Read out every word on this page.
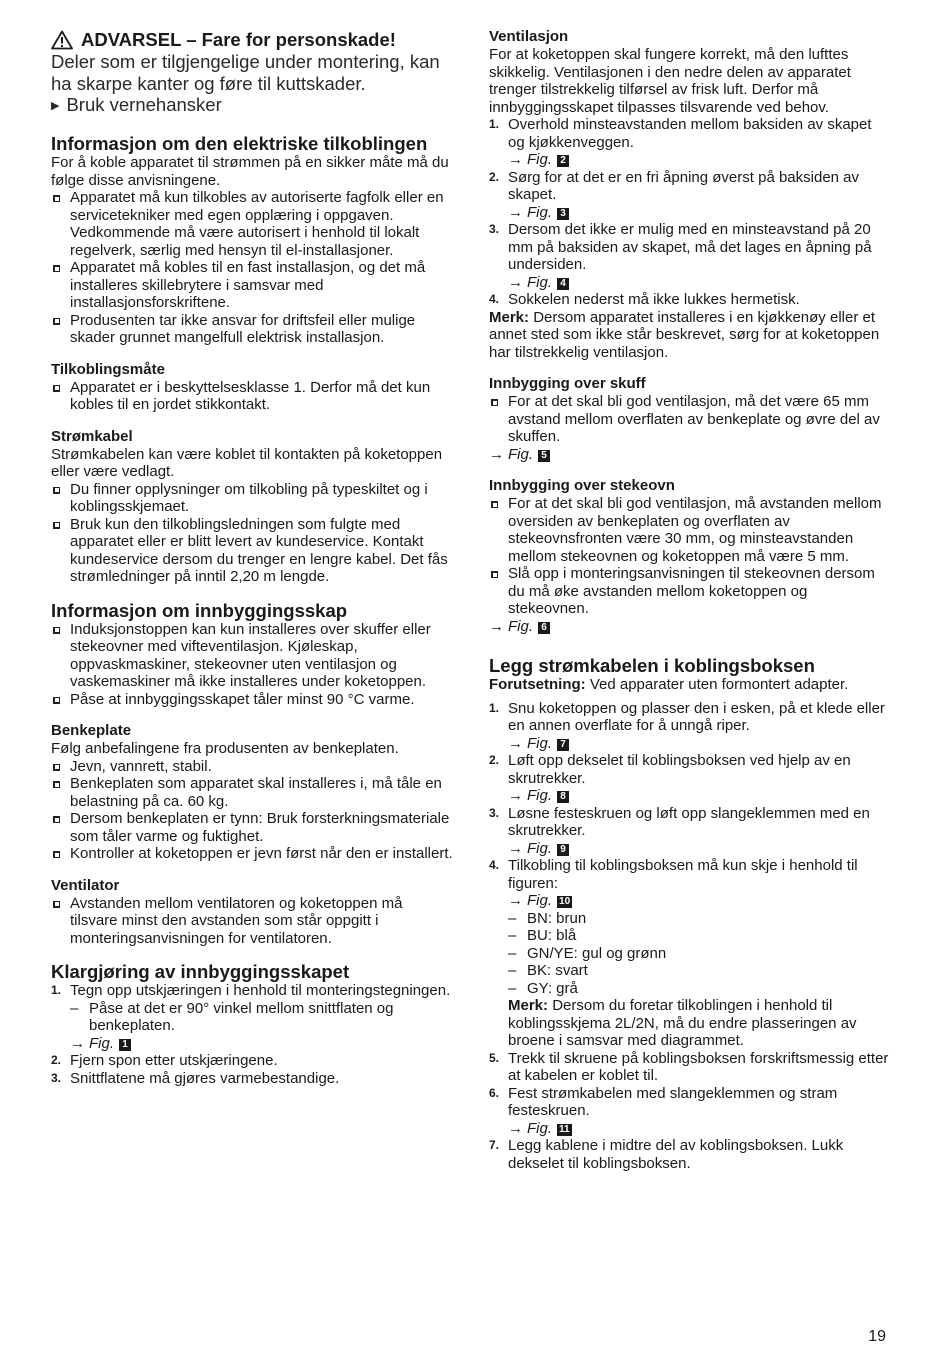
ADVARSEL – Fare for personskade!

Deler som er tilgjengelige under montering, kan ha skarpe kanter og føre til kuttskader.

▶ Bruk vernehansker

Informasjon om den elektriske tilkoblingen

For å koble apparatet til strømmen på en sikker måte må du følge disse anvisningene.

Apparatet må kun tilkobles av autoriserte fagfolk eller en servicetekniker med egen opplæring i oppgaven. Vedkommende må være autorisert i henhold til lokalt regelverk, særlig med hensyn til el-installasjoner.
Apparatet må kobles til en fast installasjon, og det må installeres skillebrytere i samsvar med installasjonsforskriftene.
Produsenten tar ikke ansvar for driftsfeil eller mulige skader grunnet mangelfull elektrisk installasjon.
Tilkoblingsmåte
Apparatet er i beskyttelsesklasse 1. Derfor må det kun kobles til en jordet stikkontakt.
Strømkabel

Strømkabelen kan være koblet til kontakten på koketoppen eller være vedlagt.

Du finner opplysninger om tilkobling på typeskiltet og i koblingsskjemaet.
Bruk kun den tilkoblingsledningen som fulgte med apparatet eller er blitt levert av kundeservice. Kontakt kundeservice dersom du trenger en lengre kabel. Det fås strømledninger på inntil 2,20 m lengde.
Informasjon om innbyggingsskap
Induksjonstoppen kan kun installeres over skuffer eller stekeovner med vifteventilasjon. Kjøleskap, oppvaskmaskiner, stekeovner uten ventilasjon og vaskemaskiner må ikke installeres under koketoppen.
Påse at innbyggingsskapet tåler minst 90 °C varme.
Benkeplate

Følg anbefalingene fra produsenten av benkeplaten.

Jevn, vannrett, stabil.
Benkeplaten som apparatet skal installeres i, må tåle en belastning på ca. 60 kg.
Dersom benkeplaten er tynn: Bruk forsterkningsmateriale som tåler varme og fuktighet.
Kontroller at koketoppen er jevn først når den er installert.
Ventilator
Avstanden mellom ventilatoren og koketoppen må tilsvare minst den avstanden som står oppgitt i monteringsanvisningen for ventilatoren.
Klargjøring av innbyggingsskapet
1. Tegn opp utskjæringen i henhold til monteringstegningen.
– Påse at det er 90° vinkel mellom snittflaten og benkeplaten.
→ Fig. 1
2. Fjern spon etter utskjæringene.
3. Snittflatene må gjøres varmebestandige.
Ventilasjon

For at koketoppen skal fungere korrekt, må den lufttes skikkelig. Ventilasjonen i den nedre delen av apparatet trenger tilstrekkelig tilførsel av frisk luft. Derfor må innbyggingsskapet tilpasses tilsvarende ved behov.

1. Overhold minsteavstanden mellom baksiden av skapet og kjøkkenveggen.
→ Fig. 2
2. Sørg for at det er en fri åpning øverst på baksiden av skapet.
→ Fig. 3
3. Dersom det ikke er mulig med en minsteavstand på 20 mm på baksiden av skapet, må det lages en åpning på undersiden.
→ Fig. 4
4. Sokkelen nederst må ikke lukkes hermetisk.

Merk: Dersom apparatet installeres i en kjøkkenøy eller et annet sted som ikke står beskrevet, sørg for at koketoppen har tilstrekkelig ventilasjon.

Innbygging over skuff
For at det skal bli god ventilasjon, må det være 65 mm avstand mellom overflaten av benkeplate og øvre del av skuffen.
→ Fig. 5
Innbygging over stekeovn
For at det skal bli god ventilasjon, må avstanden mellom oversiden av benkeplaten og overflaten av stekeovnsfronten være 30 mm, og minsteavstanden mellom stekeovnen og koketoppen må være 5 mm.
Slå opp i monteringsanvisningen til stekeovnen dersom du må øke avstanden mellom koketoppen og stekeovnen.
→ Fig. 6
Legg strømkabelen i koblingsboksen

Forutsetning: Ved apparater uten formontert adapter.

1. Snu koketoppen og plasser den i esken, på et klede eller en annen overflate for å unngå riper.
→ Fig. 7
2. Løft opp dekselet til koblingsboksen ved hjelp av en skrutrekker.
→ Fig. 8
3. Løsne festeskruen og løft opp slangeklemmen med en skrutrekker.
→ Fig. 9
4. Tilkobling til koblingsboksen må kun skje i henhold til figuren:
→ Fig. 10
– BN: brun
– BU: blå
– GN/YE: gul og grønn
– BK: svart
– GY: grå

Merk: Dersom du foretar tilkoblingen i henhold til koblingsskjema 2L/2N, må du endre plasseringen av broene i samsvar med diagrammet.

5. Trekk til skruene på koblingsboksen forskriftsmessig etter at kabelen er koblet til.
6. Fest strømkabelen med slangeklemmen og stram festeskruen.
→ Fig. 11
7. Legg kablene i midtre del av koblingsboksen. Lukk dekselet til koblingsboksen.
19
